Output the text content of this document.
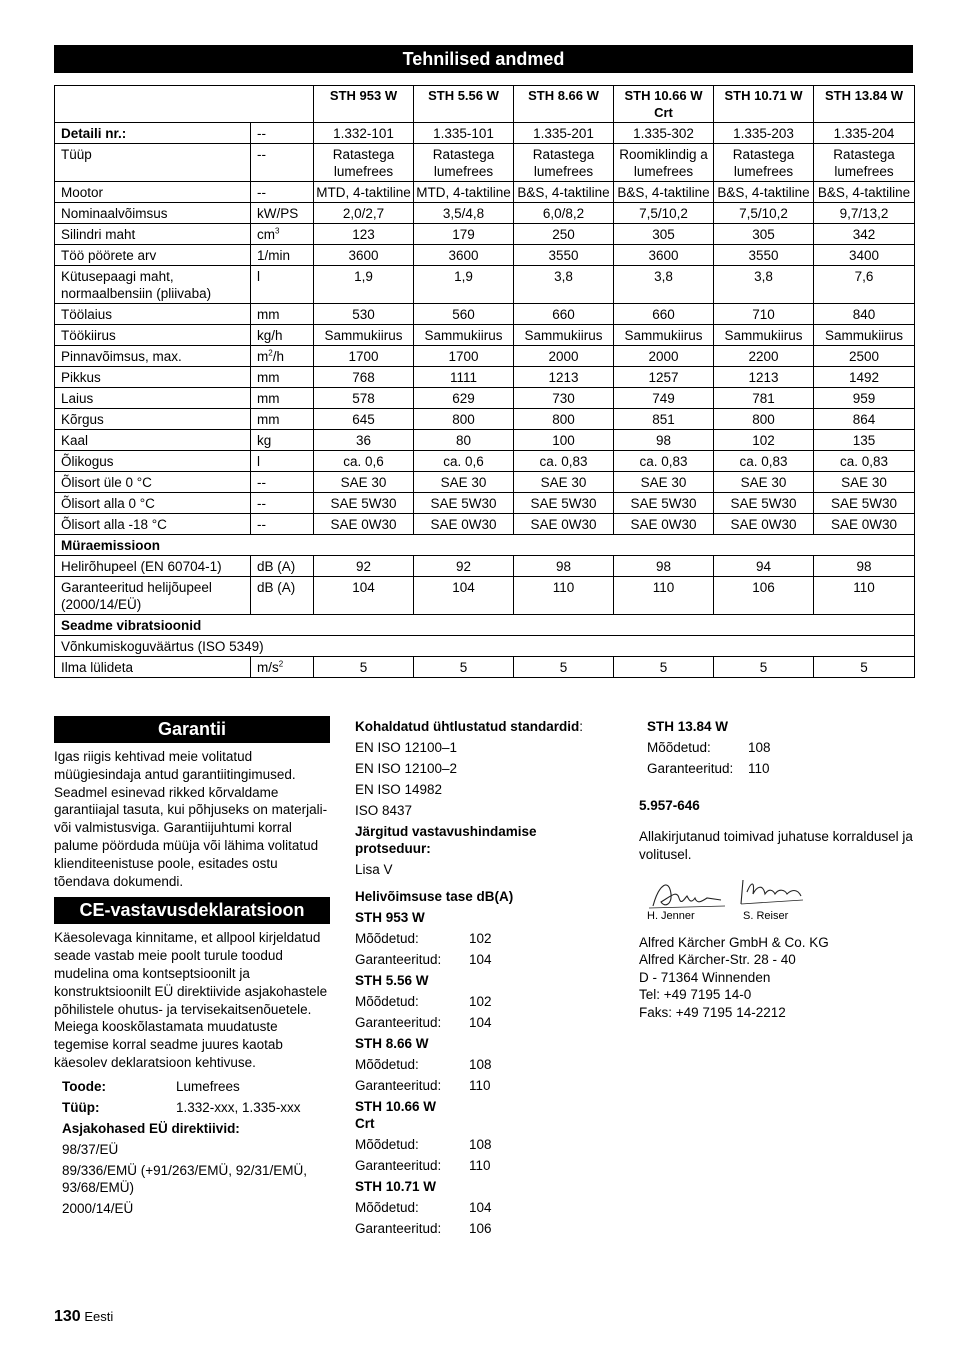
Tehnilised andmed
		STH 953 W	STH 5.56 W	STH 8.66 W	STH 10.66 W Crt	STH 10.71 W	STH 13.84 W
Detaili nr.:	--	1.332-101	1.335-101	1.335-201	1.335-302	1.335-203	1.335-204
Tüüp	--	Ratastega lumefrees	Ratastega lumefrees	Ratastega lumefrees	Roomiklindig a lumefrees	Ratastega lumefrees	Ratastega lumefrees
Mootor	--	MTD, 4-taktiline	MTD, 4-taktiline	B&S, 4-taktiline	B&S, 4-taktiline	B&S, 4-taktiline	B&S, 4-taktiline
Nominaalvõimsus	kW/PS	2,0/2,7	3,5/4,8	6,0/8,2	7,5/10,2	7,5/10,2	9,7/13,2
Silindri maht	$cm^3$	123	179	250	305	305	342
Töö pöörete arv	1/min	3600	3600	3550	3600	3550	3400
Kütusepaagi maht, normaalbensiin (pliivaba)	l	1,9	1,9	3,8	3,8	3,8	7,6
Töölaius	mm	530	560	660	660	710	840
Töökiirus	kg/h	Sammukiirus	Sammukiirus	Sammukiirus	Sammukiirus	Sammukiirus	Sammukiirus
Pinnavõimsus, max.	$m^2/h$	1700	1700	2000	2000	2200	2500
Pikkus	mm	768	1111	1213	1257	1213	1492
Laius	mm	578	629	730	749	781	959
Kõrgus	mm	645	800	800	851	800	864
Kaal	kg	36	80	100	98	102	135
Õlikogus	l	ca. 0,6	ca. 0,6	ca. 0,83	ca. 0,83	ca. 0,83	ca. 0,83
Õlisort üle 0 °C	--	SAE 30	SAE 30	SAE 30	SAE 30	SAE 30	SAE 30
Õlisort alla 0 °C	--	SAE 5W30	SAE 5W30	SAE 5W30	SAE 5W30	SAE 5W30	SAE 5W30
Õlisort alla -18 °C	--	SAE 0W30	SAE 0W30	SAE 0W30	SAE 0W30	SAE 0W30	SAE 0W30
Müraemissioon							
Helirõhupeel (EN 60704-1)	dB (A)	92	92	98	98	94	98
Garanteeritud helijõupeel (2000/14/EÜ)	dB (A)	104	104	110	110	106	110
Seadme vibratsioonid							
Võnkumiskoguväärtus (ISO 5349)							
Ilma lülideta	$m/s^2$	5	5	5	5	5	5
Garantii
Igas riigis kehtivad meie volitatud müügiesindaja antud garantiitingimused. Seadmel esinevad rikked kõrvaldame garantiiajal tasuta, kui põhjuseks on materjali- või valmistusviga. Garantiijuhtumi korral palume pöörduda müüja või lähima volitatud klienditeenistuse poole, esitades ostu tõendava dokumendi.
CE-vastavusdeklaratsioon
Käesolevaga kinnitame, et allpool kirjeldatud seade vastab meie poolt turule toodud mudelina oma kontseptsioonilt ja konstruktsioonilt EÜ direktiivide asjakohastele põhilistele ohutus- ja tervisekaitsenõuetele. Meiega kooskõlastamata muudatuste tegemise korral seadme juures kaotab käesolev deklaratsioon kehtivuse.
Toode:	Lumefrees
Tüüp:	1.332-xxx, 1.335-xxx
Asjakohased EÜ direktiivid:
98/37/EÜ
89/336/EMÜ (+91/263/EMÜ, 92/31/EMÜ, 93/68/EMÜ)
2000/14/EÜ
Kohaldatud ühtlustatud standardid:
EN ISO 12100–1
EN ISO 12100–2
EN ISO 14982
ISO 8437
Järgitud vastavushindamise protseduur:
Lisa V
Helivõimsuse tase dB(A)
STH 953 W
Mõõdetud:	102
Garanteeritud:	104
STH 5.56 W
Mõõdetud:	102
Garanteeritud:	104
STH 8.66 W
Mõõdetud:	108
Garanteeritud:	110
STH 10.66 W Crt
Mõõdetud:	108
Garanteeritud:	110
STH 10.71 W
Mõõdetud:	104
Garanteeritud:	106
STH 13.84 W
Mõõdetud:	108
Garanteeritud:	110
5.957-646
Allakirjutanud toimivad juhatuse korraldusel ja volitusel.
H. Jenner	S. Reiser
Alfred Kärcher GmbH & Co. KG
Alfred Kärcher-Str. 28 - 40
D - 71364 Winnenden
Tel: +49 7195 14-0
Faks: +49 7195 14-2212
130 Eesti
